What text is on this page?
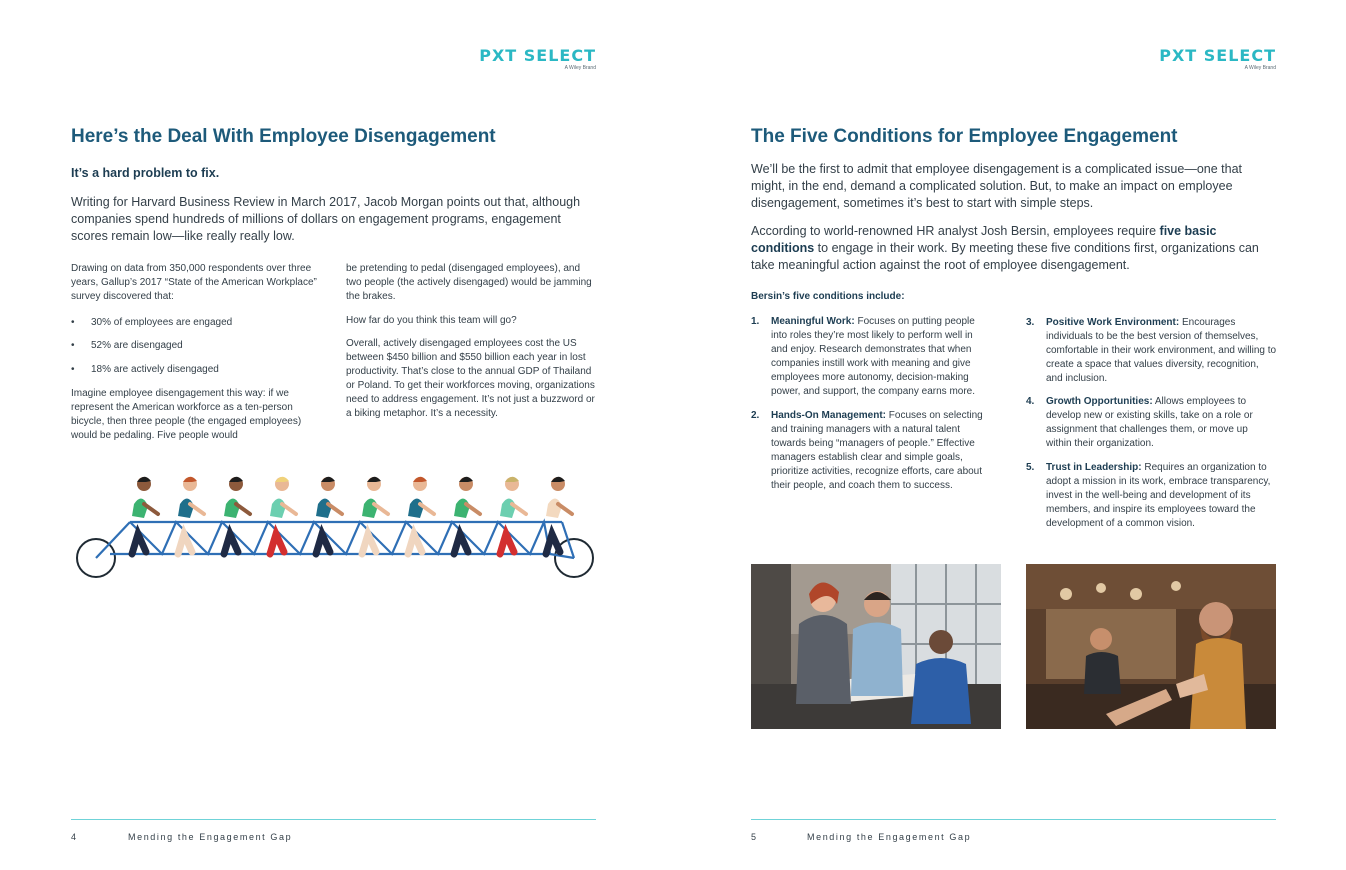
PXT SELECT
A Wiley Brand
Here’s the Deal With Employee Disengagement

It’s a hard problem to fix.

Writing for Harvard Business Review in March 2017, Jacob Morgan points out that, although companies spend hundreds of millions of dollars on engagement programs, engagement scores remain low—like really really low.

Drawing on data from 350,000 respondents over three years, Gallup’s 2017 “State of the American Workplace” survey discovered that:

• 30% of employees are engaged
• 52% are disengaged
• 18% are actively disengaged

Imagine employee disengagement this way: if we represent the American workforce as a ten-person bicycle, then three people (the engaged employees) would be pedaling. Five people would

be pretending to pedal (disengaged employees), and two people (the actively disengaged) would be jamming the brakes.

How far do you think this team will go?

Overall, actively disengaged employees cost the US between $450 billion and $550 billion each year in lost productivity. That’s close to the annual GDP of Thailand or Poland. To get their workforces moving, organizations need to address engagement. It’s not just a buzzword or a biking metaphor. It’s a necessity.

4	Mending the Engagement Gap
PXT SELECT
A Wiley Brand
The Five Conditions for Employee Engagement

We’ll be the first to admit that employee disengagement is a complicated issue—one that might, in the end, demand a complicated solution. But, to make an impact on employee disengagement, sometimes it’s best to start with simple steps.

According to world-renowned HR analyst Josh Bersin, employees require five basic conditions to engage in their work. By meeting these five conditions first, organizations can take meaningful action against the root of employee disengagement.

Bersin’s five conditions include:

1. Meaningful Work: Focuses on putting people into roles they’re most likely to perform well in and enjoy. Research demonstrates that when companies instill work with meaning and give employees more autonomy, decision-making power, and support, the company earns more.
2. Hands-On Management: Focuses on selecting and training managers with a natural talent towards being “managers of people.” Effective managers establish clear and simple goals, prioritize activities, recognize efforts, care about their people, and coach them to success.
3. Positive Work Environment: Encourages individuals to be the best version of themselves, comfortable in their work environment, and willing to create a space that values diversity, recognition, and inclusion.
4. Growth Opportunities: Allows employees to develop new or existing skills, take on a role or assignment that challenges them, or move up within their organization.
5. Trust in Leadership: Requires an organization to adopt a mission in its work, embrace transparency, invest in the well-being and development of its members, and inspire its employees toward the development of a common vision.
5	Mending the Engagement Gap
